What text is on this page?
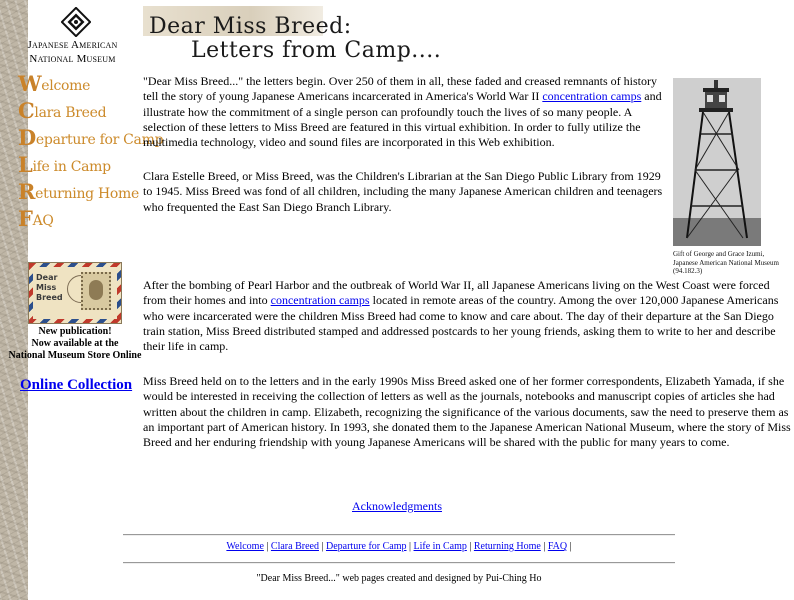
Japanese American
National Museum
Welcome
Clara Breed
Departure for Camp
Life in Camp
Returning Home
FAQ
Dear
Miss
Breed
New publication!
Now available at the
National Museum Store Online
Online Collection
Dear Miss Breed:
Letters from Camp....

"Dear Miss Breed..." the letters begin. Over 250 of them in all, these faded and creased remnants of history tell the story of young Japanese Americans incarcerated in America's World War II concentration camps and illustrate how the commitment of a single person can profoundly touch the lives of so many people. A selection of these letters to Miss Breed are featured in this virtual exhibition. In order to fully utilize the multimedia technology, video and sound files are incorporated in this Web exhibition.

Clara Estelle Breed, or Miss Breed, was the Children's Librarian at the San Diego Public Library from 1929 to 1945. Miss Breed was fond of all children, including the many Japanese American children and teenagers who frequented the East San Diego Branch Library.

After the bombing of Pearl Harbor and the outbreak of World War II, all Japanese Americans living on the West Coast were forced from their homes and into concentration camps located in remote areas of the country. Among the over 120,000 Japanese Americans who were incarcerated were the children Miss Breed had come to know and care about. The day of their departure at the San Diego train station, Miss Breed distributed stamped and addressed postcards to her young friends, asking them to write to her and describe their life in camp.

Miss Breed held on to the letters and in the early 1990s Miss Breed asked one of her former correspondents, Elizabeth Yamada, if she would be interested in receiving the collection of letters as well as the journals, notebooks and manuscript copies of articles she had written about the children in camp. Elizabeth, recognizing the significance of the various documents, saw the need to preserve them as an important part of American history. In 1993, she donated them to the Japanese American National Museum, where the story of Miss Breed and her enduring friendship with young Japanese Americans will be shared with the public for many years to come.

Gift of George and Grace Izumi,
Japanese American National Museum
(94.182.3)
Acknowledgments
Welcome | Clara Breed | Departure for Camp | Life in Camp | Returning Home | FAQ |
"Dear Miss Breed..." web pages created and designed by Pui-Ching Ho
